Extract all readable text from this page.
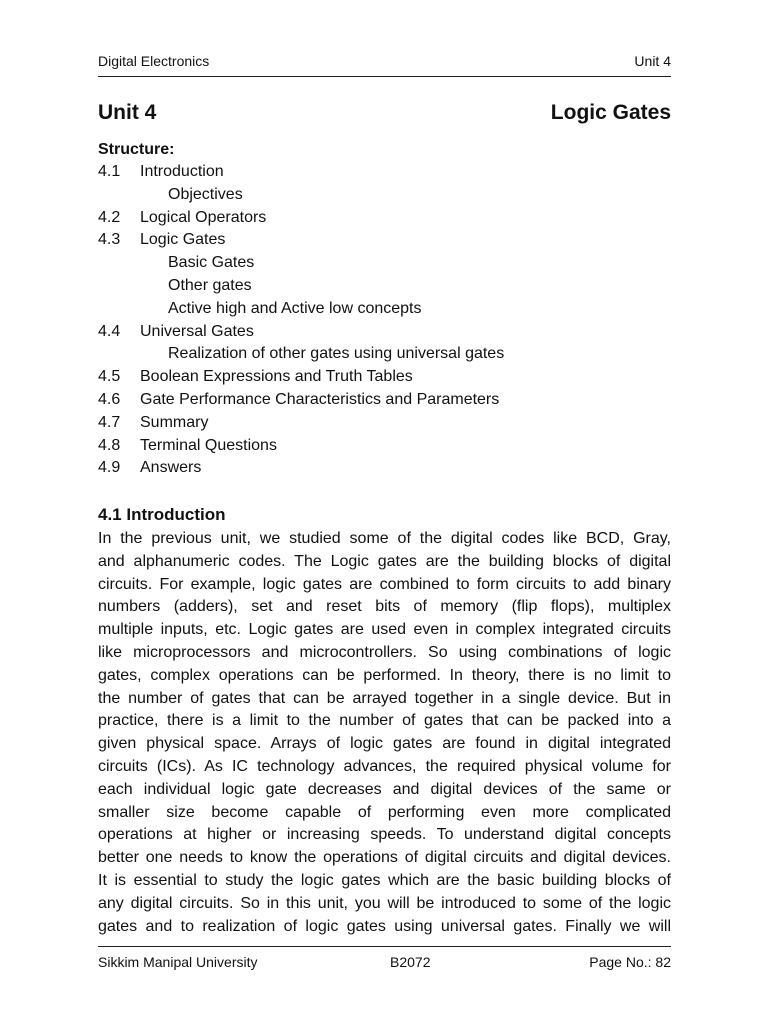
Digital Electronics	Unit 4
Unit 4	Logic Gates
Structure:
4.1 Introduction
Objectives
4.2 Logical Operators
4.3 Logic Gates
Basic Gates
Other gates
Active high and Active low concepts
4.4 Universal Gates
Realization of other gates using universal gates
4.5 Boolean Expressions and Truth Tables
4.6 Gate Performance Characteristics and Parameters
4.7 Summary
4.8 Terminal Questions
4.9 Answers
4.1 Introduction
In the previous unit, we studied some of the digital codes like BCD, Gray,
and alphanumeric codes. The Logic gates are the building blocks of digital
circuits. For example, logic gates are combined to form circuits to add binary
numbers (adders), set and reset bits of memory (flip flops), multiplex
multiple inputs, etc. Logic gates are used even in complex integrated circuits
like microprocessors and microcontrollers. So using combinations of logic
gates, complex operations can be performed. In theory, there is no limit to
the number of gates that can be arrayed together in a single device. But in
practice, there is a limit to the number of gates that can be packed into a
given physical space. Arrays of logic gates are found in digital integrated
circuits (ICs). As IC technology advances, the required physical volume for
each individual logic gate decreases and digital devices of the same or
smaller size become capable of performing even more complicated
operations at higher or increasing speeds. To understand digital concepts
better one needs to know the operations of digital circuits and digital devices.
It is essential to study the logic gates which are the basic building blocks of
any digital circuits. So in this unit, you will be introduced to some of the logic
gates and to realization of logic gates using universal gates. Finally we will
Sikkim Manipal University	B2072	Page No.: 82
